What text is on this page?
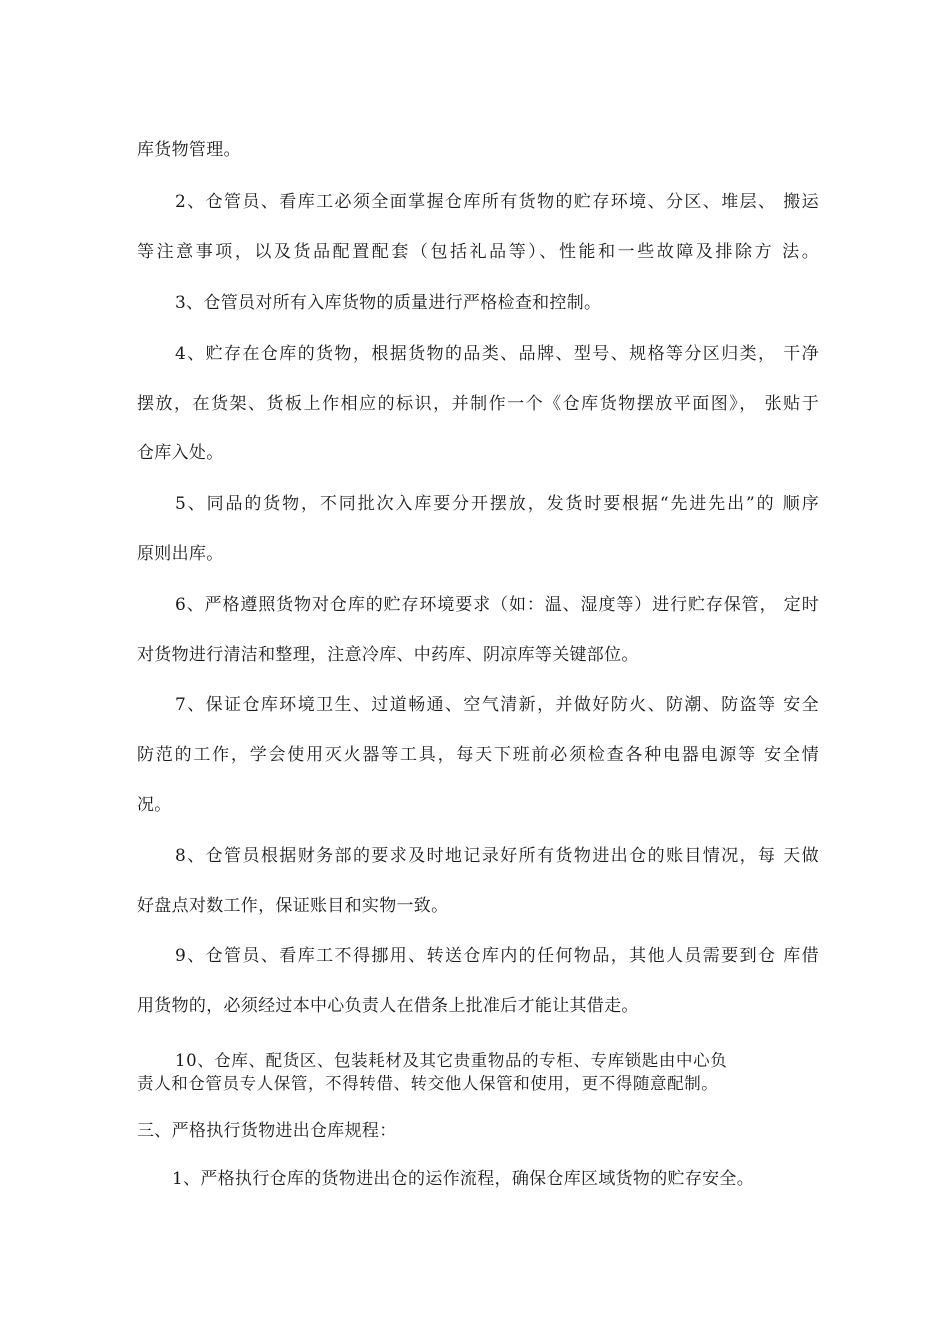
库货物管理。
2、仓管员、看库工必须全面掌握仓库所有货物的贮存环境、分区、堆层、 搬运
等注意事项，以及货品配置配套（包括礼品等）、性能和一些故障及排除方 法。
3、仓管员对所有入库货物的质量进行严格检查和控制。
4、贮存在仓库的货物，根据货物的品类、品牌、型号、规格等分区归类， 干净
摆放，在货架、货板上作相应的标识，并制作一个《仓库货物摆放平面图》， 张贴于
仓库入处。
5、同品的货物，不同批次入库要分开摆放，发货时要根据“先进先出”的 顺序
原则出库。
6、严格遵照货物对仓库的贮存环境要求（如：温、湿度等）进行贮存保管， 定时
对货物进行清洁和整理，注意冷库、中药库、阴凉库等关键部位。
7、保证仓库环境卫生、过道畅通、空气清新，并做好防火、防潮、防盗等 安全
防范的工作，学会使用灭火器等工具，每天下班前必须检查各种电器电源等 安全情
况。
8、仓管员根据财务部的要求及时地记录好所有货物进出仓的账目情况，每 天做
好盘点对数工作，保证账目和实物一致。
9、仓管员、看库工不得挪用、转送仓库内的任何物品，其他人员需要到仓 库借
用货物的，必须经过本中心负责人在借条上批准后才能让其借走。
10、仓库、配货区、包装耗材及其它贵重物品的专柜、专库锁匙由中心负
责人和仓管员专人保管，不得转借、转交他人保管和使用，更不得随意配制。
三、严格执行货物进出仓库规程：
1、严格执行仓库的货物进出仓的运作流程，确保仓库区域货物的贮存安全。
